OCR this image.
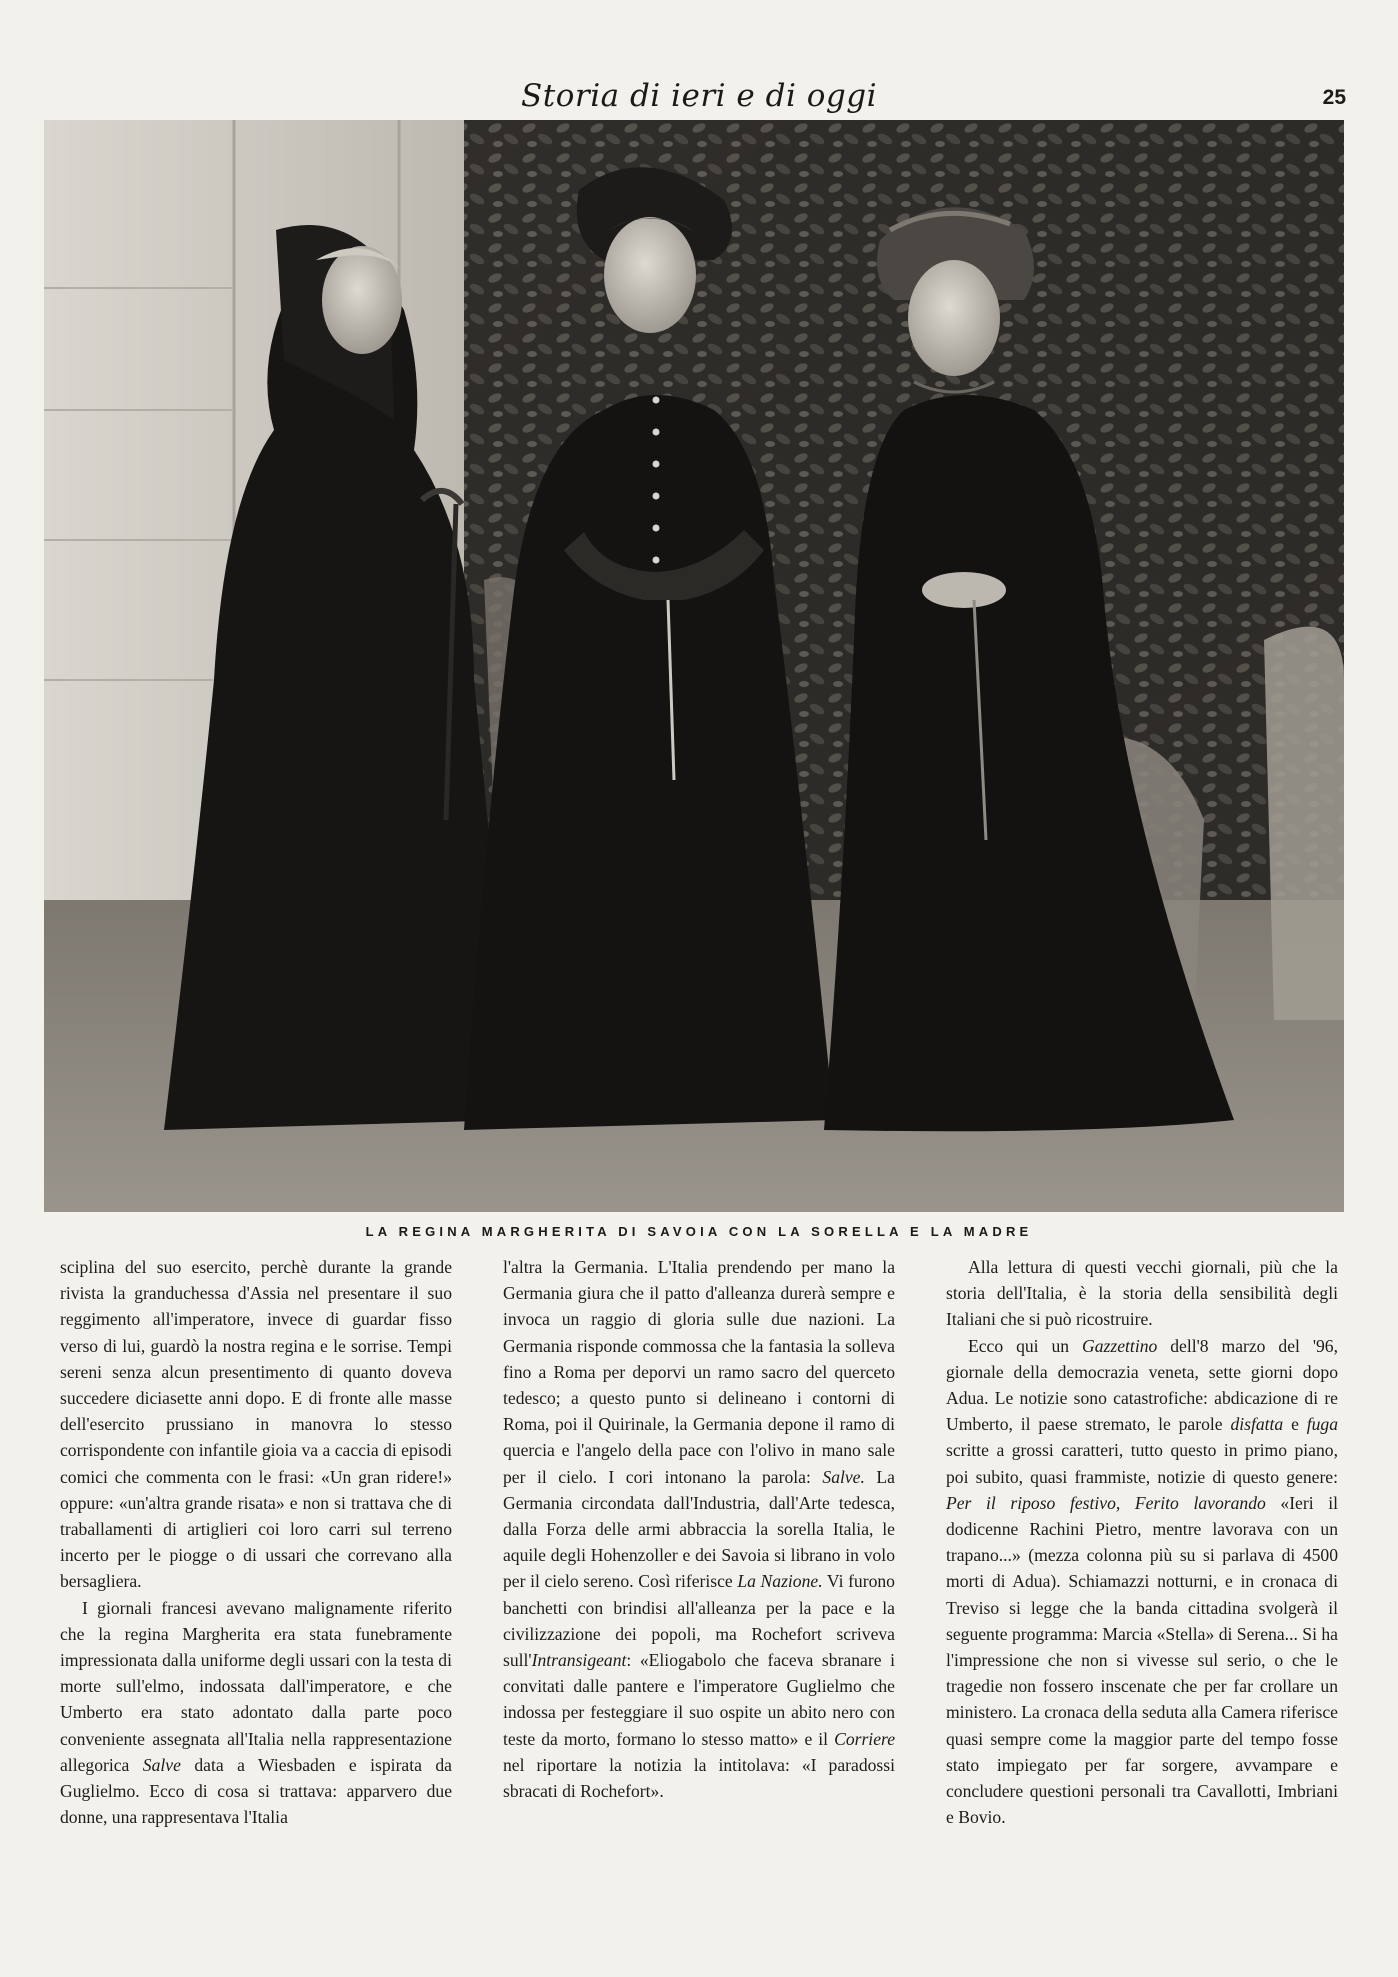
Storia di ieri e di oggi	25
LA REGINA MARGHERITA DI SAVOIA CON LA SORELLA E LA MADRE

sciplina del suo esercito, perchè durante la grande rivista la granduchessa d'Assia nel presentare il suo reggimento all'imperatore, invece di guardar fisso verso di lui, guardò la nostra regina e le sorrise. Tempi sereni senza alcun presentimento di quanto doveva succedere diciasette anni dopo. E di fronte alle masse dell'esercito prussiano in manovra lo stesso corrispondente con infantile gioia va a caccia di episodi comici che commenta con le frasi: «Un gran ridere!» oppure: «un'altra grande risata» e non si trattava che di traballamenti di artiglieri coi loro carri sul terreno incerto per le piogge o di ussari che correvano alla bersagliera.

I giornali francesi avevano malignamente riferito che la regina Margherita era stata funebramente impressionata dalla uniforme degli ussari con la testa di morte sull'elmo, indossata dall'imperatore, e che Umberto era stato adontato dalla parte poco conveniente assegnata all'Italia nella rappresentazione allegorica Salve data a Wiesbaden e ispirata da Guglielmo. Ecco di cosa si trattava: apparvero due donne, una rappresentava l'Italia

l'altra la Germania. L'Italia prendendo per mano la Germania giura che il patto d'alleanza durerà sempre e invoca un raggio di gloria sulle due nazioni. La Germania risponde commossa che la fantasia la solleva fino a Roma per deporvi un ramo sacro del querceto tedesco; a questo punto si delineano i contorni di Roma, poi il Quirinale, la Germania depone il ramo di quercia e l'angelo della pace con l'olivo in mano sale per il cielo. I cori intonano la parola: Salve. La Germania circondata dall'Industria, dall'Arte tedesca, dalla Forza delle armi abbraccia la sorella Italia, le aquile degli Hohenzoller e dei Savoia si librano in volo per il cielo sereno. Così riferisce La Nazione. Vi furono banchetti con brindisi all'alleanza per la pace e la civilizzazione dei popoli, ma Rochefort scriveva sull'Intransigeant: «Eliogabolo che faceva sbranare i convitati dalle pantere e l'imperatore Guglielmo che indossa per festeggiare il suo ospite un abito nero con teste da morto, formano lo stesso matto» e il Corriere nel riportare la notizia la intitolava: «I paradossi sbracati di Rochefort».

Alla lettura di questi vecchi giornali, più che la storia dell'Italia, è la storia della sensibilità degli Italiani che si può ricostruire.

Ecco qui un Gazzettino dell'8 marzo del '96, giornale della democrazia veneta, sette giorni dopo Adua. Le notizie sono catastrofiche: abdicazione di re Umberto, il paese stremato, le parole disfatta e fuga scritte a grossi caratteri, tutto questo in primo piano, poi subito, quasi frammiste, notizie di questo genere: Per il riposo festivo, Ferito lavorando «Ieri il dodicenne Rachini Pietro, mentre lavorava con un trapano...» (mezza colonna più su si parlava di 4500 morti di Adua). Schiamazzi notturni, e in cronaca di Treviso si legge che la banda cittadina svolgerà il seguente programma: Marcia «Stella» di Serena... Si ha l'impressione che non si vivesse sul serio, o che le tragedie non fossero inscenate che per far crollare un ministero. La cronaca della seduta alla Camera riferisce quasi sempre come la maggior parte del tempo fosse stato impiegato per far sorgere, avvampare e concludere questioni personali tra Cavallotti, Imbriani e Bovio.
